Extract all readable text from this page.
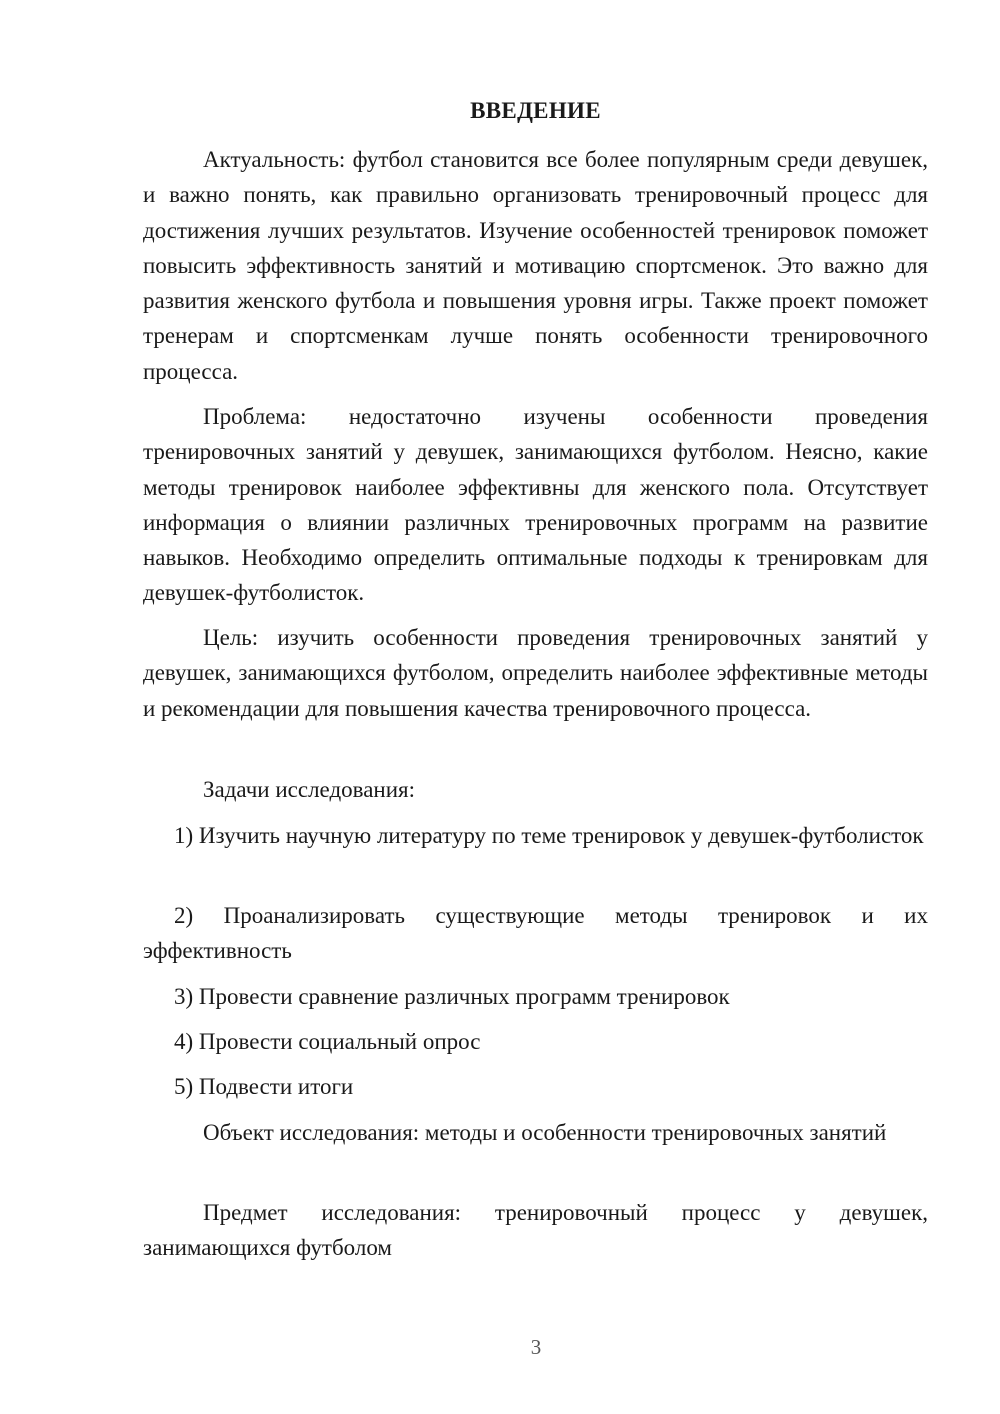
ВВЕДЕНИЕ

Актуальность: футбол становится все более популярным среди девушек, и важно понять, как правильно организовать тренировочный процесс для достижения лучших результатов. Изучение особенностей тренировок поможет повысить эффективность занятий и мотивацию спортсменок. Это важно для развития женского футбола и повышения уровня игры. Также проект поможет тренерам и спортсменкам лучше понять особенности тренировочного процесса.

Проблема: недостаточно изучены особенности проведения тренировочных занятий у девушек, занимающихся футболом. Неясно, какие методы тренировок наиболее эффективны для женского пола. Отсутствует информация о влиянии различных тренировочных программ на развитие навыков. Необходимо определить оптимальные подходы к тренировкам для девушек-футболисток.

Цель: изучить особенности проведения тренировочных занятий у девушек, занимающихся футболом, определить наиболее эффективные методы и рекомендации для повышения качества тренировочного процесса.

Задачи исследования:

1) Изучить научную литературу по теме тренировок у девушек-футболисток

2) Проанализировать существующие методы тренировок и их эффективность

3) Провести сравнение различных программ тренировок

4) Провести социальный опрос

5) Подвести итоги

Объект исследования: методы и особенности тренировочных занятий

Предмет исследования: тренировочный процесс у девушек, занимающихся футболом

3
